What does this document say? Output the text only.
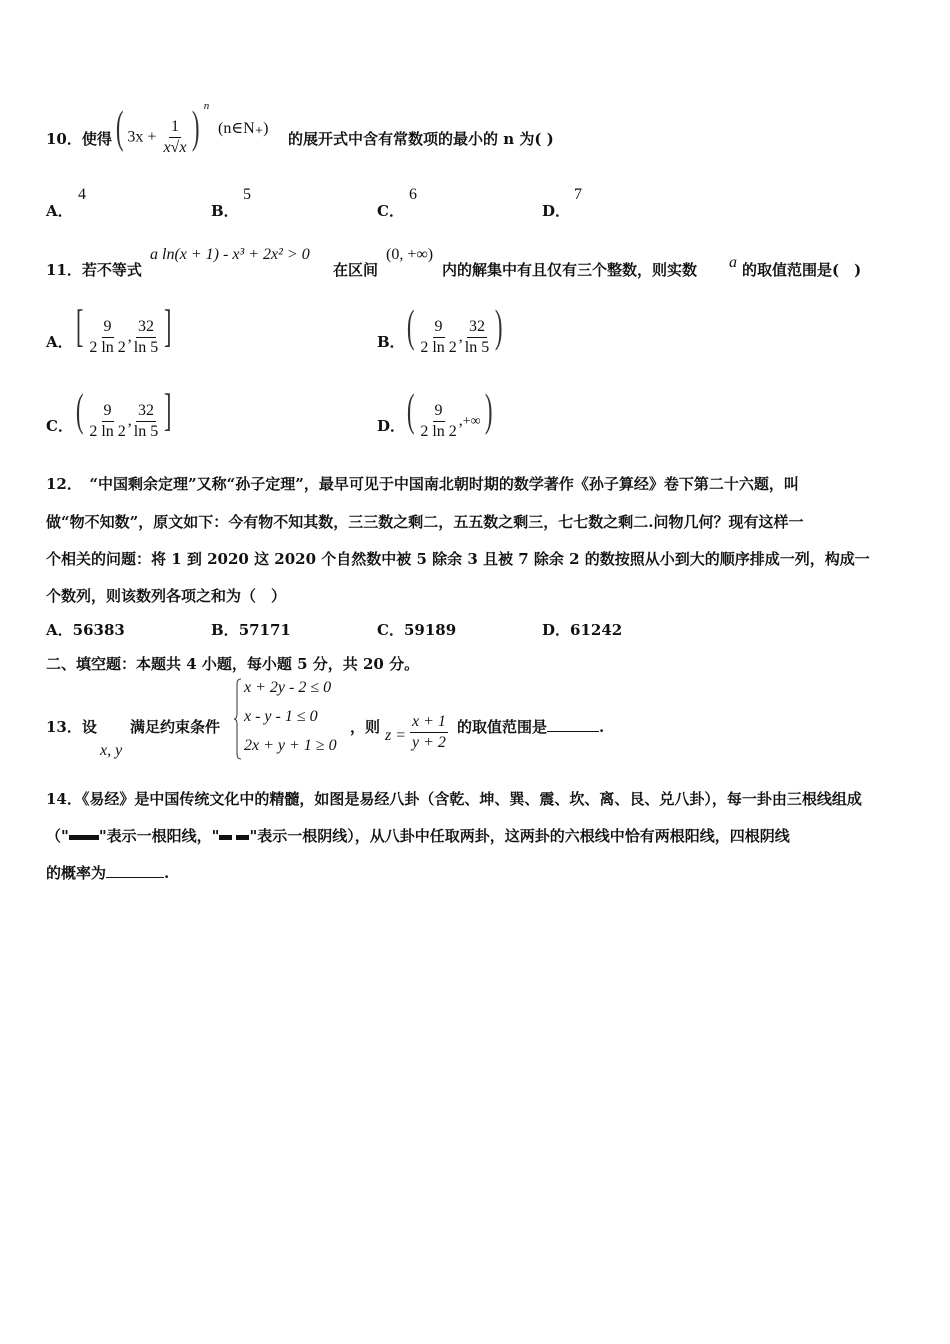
10．使得 ( $3x + \frac{1}{x√x}$ ) $^n$
(n∈N₊)
的展开式中含有常数项的最小的 n 为( )
A．
4
B．
5
C．
6
D．
7
11．若不等式
a ln(x + 1) - x³ + 2x² > 0
在区间
(0, +∞)
内的解集中有且仅有三个整数，则实数 a 的取值范围是(　)
A． [ $\frac{9}{2 \ln 2}$ , $\frac{32}{\ln 5}$ ]	B． ( $\frac{9}{2 \ln 2}$ , $\frac{32}{\ln 5}$ )
C． ( $\frac{9}{2 \ln 2}$ , $\frac{32}{\ln 5}$ ]	D． ( $\frac{9}{2 \ln 2}$ ,+∞)
12．　“中国剩余定理”又称“孙子定理”，最早可见于中国南北朝时期的数学著作《孙子算经》卷下第二十六题，叫
做“物不知数”，原文如下：今有物不知其数，三三数之剩二，五五数之剩三，七七数之剩二.问物几何？现有这样一
个相关的问题：将 1 到 2020 这 2020 个自然数中被 5 除余 3 且被 7 除余 2 的数按照从小到大的顺序排成一列，构成一
个数列，则该数列各项之和为（　）
A．56383	B．57171	C．59189	D．61242
二、填空题：本题共 4 小题，每小题 5 分，共 20 分。
13．设
x, y
满足约束条件
x + 2y - 2 ≤ 0
x - y - 1 ≤ 0
2x + y + 1 ≥ 0
，则 $z = \frac{x + 1}{y + 2}$ 的取值范围是	.
14．《易经》是中国传统文化中的精髓，如图是易经八卦（含乾、坤、巽、震、坎、离、艮、兑八卦），每一卦由三根线组成
（" "表示一根阳线，" "表示一根阴线），从八卦中任取两卦，这两卦的六根线中恰有两根阳线，四根阴线
的概率为	.
